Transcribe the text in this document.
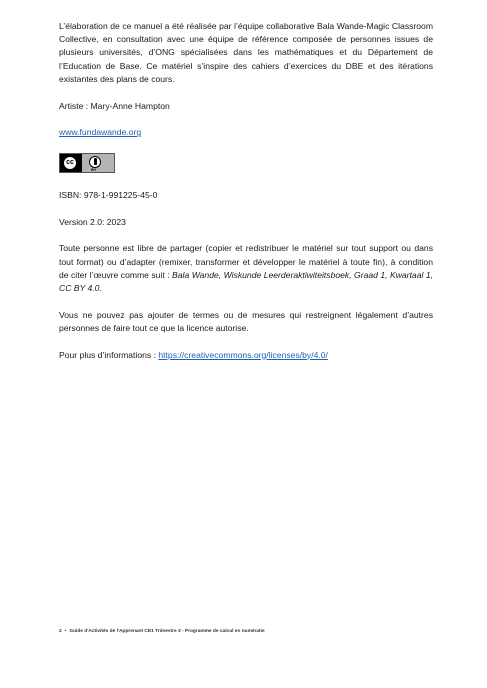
L’élaboration de ce manuel a été réalisée par l’équipe collaborative Bala Wande-Magic Classroom Collective, en consultation avec une équipe de référence composée de personnes issues de plusieurs universités, d’ONG spécialisées dans les mathématiques et du Département de l’Education de Base. Ce matériel s’inspire des cahiers d’exercices du DBE et des itérations existantes des plans de cours.

Artiste : Mary-Anne Hampton

www.fundawande.org

cc
BY

ISBN: 978-1-991225-45-0

Version 2.0: 2023

Toute personne est libre de partager (copier et redistribuer le matériel sur tout support ou dans tout format) ou d’adapter (remixer, transformer et développer le matériel à toute fin), à condition de citer l’œuvre comme suit : Bala Wande, Wiskunde Leerderaktiwiteitsboek, Graad 1, Kwartaal 1, CC BY 4.0.

Vous ne pouvez pas ajouter de termes ou de mesures qui restreignent légalement d’autres personnes de faire tout ce que la licence autorise.

Pour plus d’informations : https://creativecommons.org/licenses/by/4.0/

2 • Guide d'Activités de l'Apprenant CE1 Trimestre 3 - Programme de calcul en numératie
